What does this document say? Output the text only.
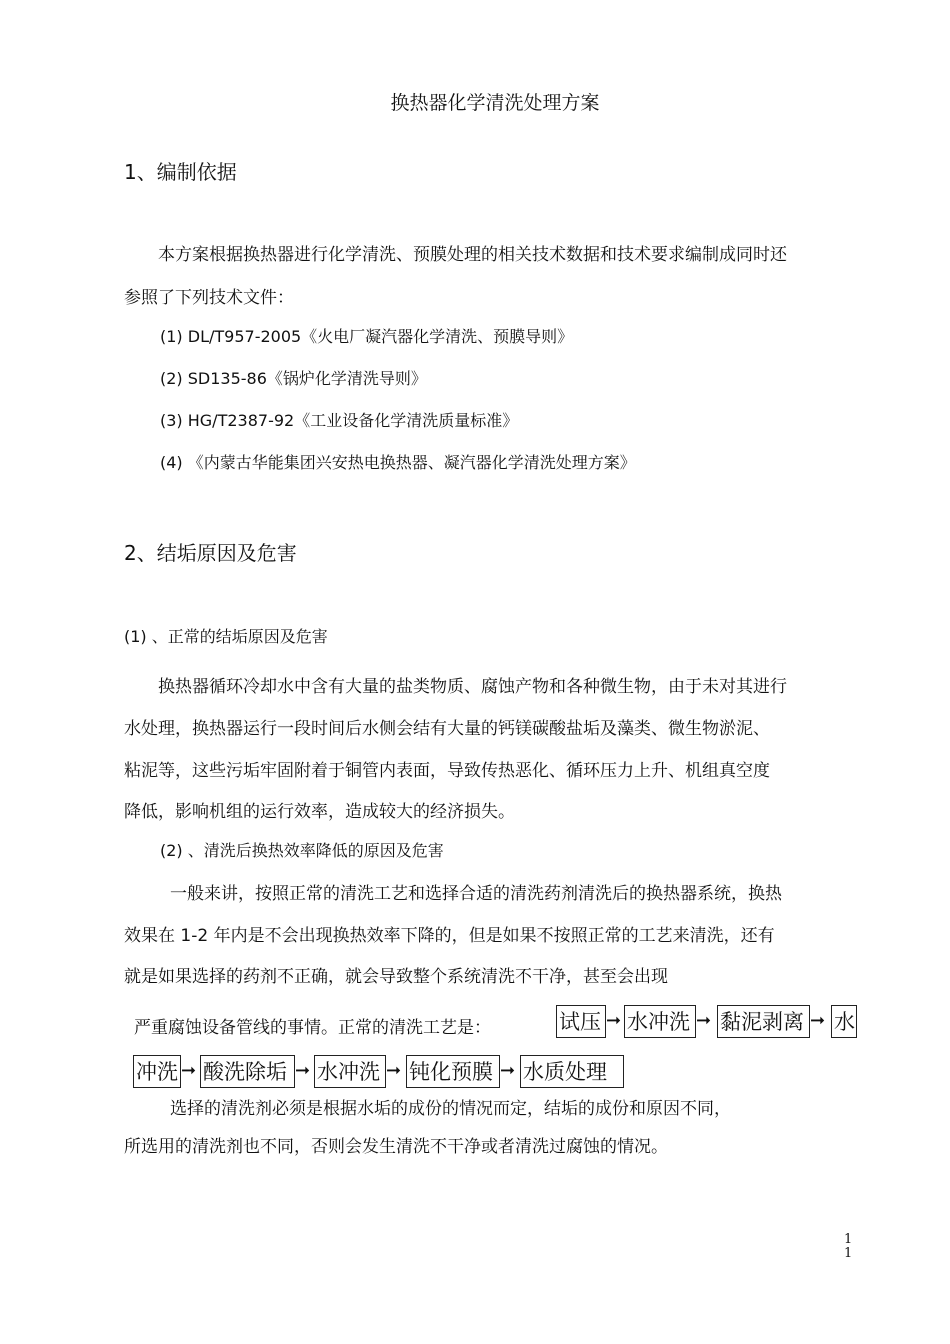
换热器化学清洗处理方案
1、编制依据
本方案根据换热器进行化学清洗、预膜处理的相关技术数据和技术要求编制成同时还
参照了下列技术文件：
(1) DL/T957-2005《火电厂凝汽器化学清洗、预膜导则》
(2) SD135-86《锅炉化学清洗导则》
(3) HG/T2387-92《工业设备化学清洗质量标准》
(4) 《内蒙古华能集团兴安热电换热器、凝汽器化学清洗处理方案》
2、结垢原因及危害
(1) 、正常的结垢原因及危害
换热器循环冷却水中含有大量的盐类物质、腐蚀产物和各种微生物，由于未对其进行
水处理，换热器运行一段时间后水侧会结有大量的钙镁碳酸盐垢及藻类、微生物淤泥、
粘泥等，这些污垢牢固附着于铜管内表面，导致传热恶化、循环压力上升、机组真空度
降低，影响机组的运行效率，造成较大的经济损失。
(2) 、清洗后换热效率降低的原因及危害
一般来讲，按照正常的清洗工艺和选择合适的清洗药剂清洗后的换热器系统，换热
效果在 1-2 年内是不会出现换热效率下降的，但是如果不按照正常的工艺来清洗，还有
就是如果选择的药剂不正确，就会导致整个系统清洗不干净，甚至会出现
严重腐蚀设备管线的事情。正常的清洗工艺是：	试压 ➞ 水冲洗 ➞ 黏泥剥离 ➞ 水
冲洗 ➞ 酸洗除垢 ➞ 水冲洗 ➞ 钝化预膜 ➞ 水质处理
选择的清洗剂必须是根据水垢的成份的情况而定，结垢的成份和原因不同，
所选用的清洗剂也不同，否则会发生清洗不干净或者清洗过腐蚀的情况。
1
1
